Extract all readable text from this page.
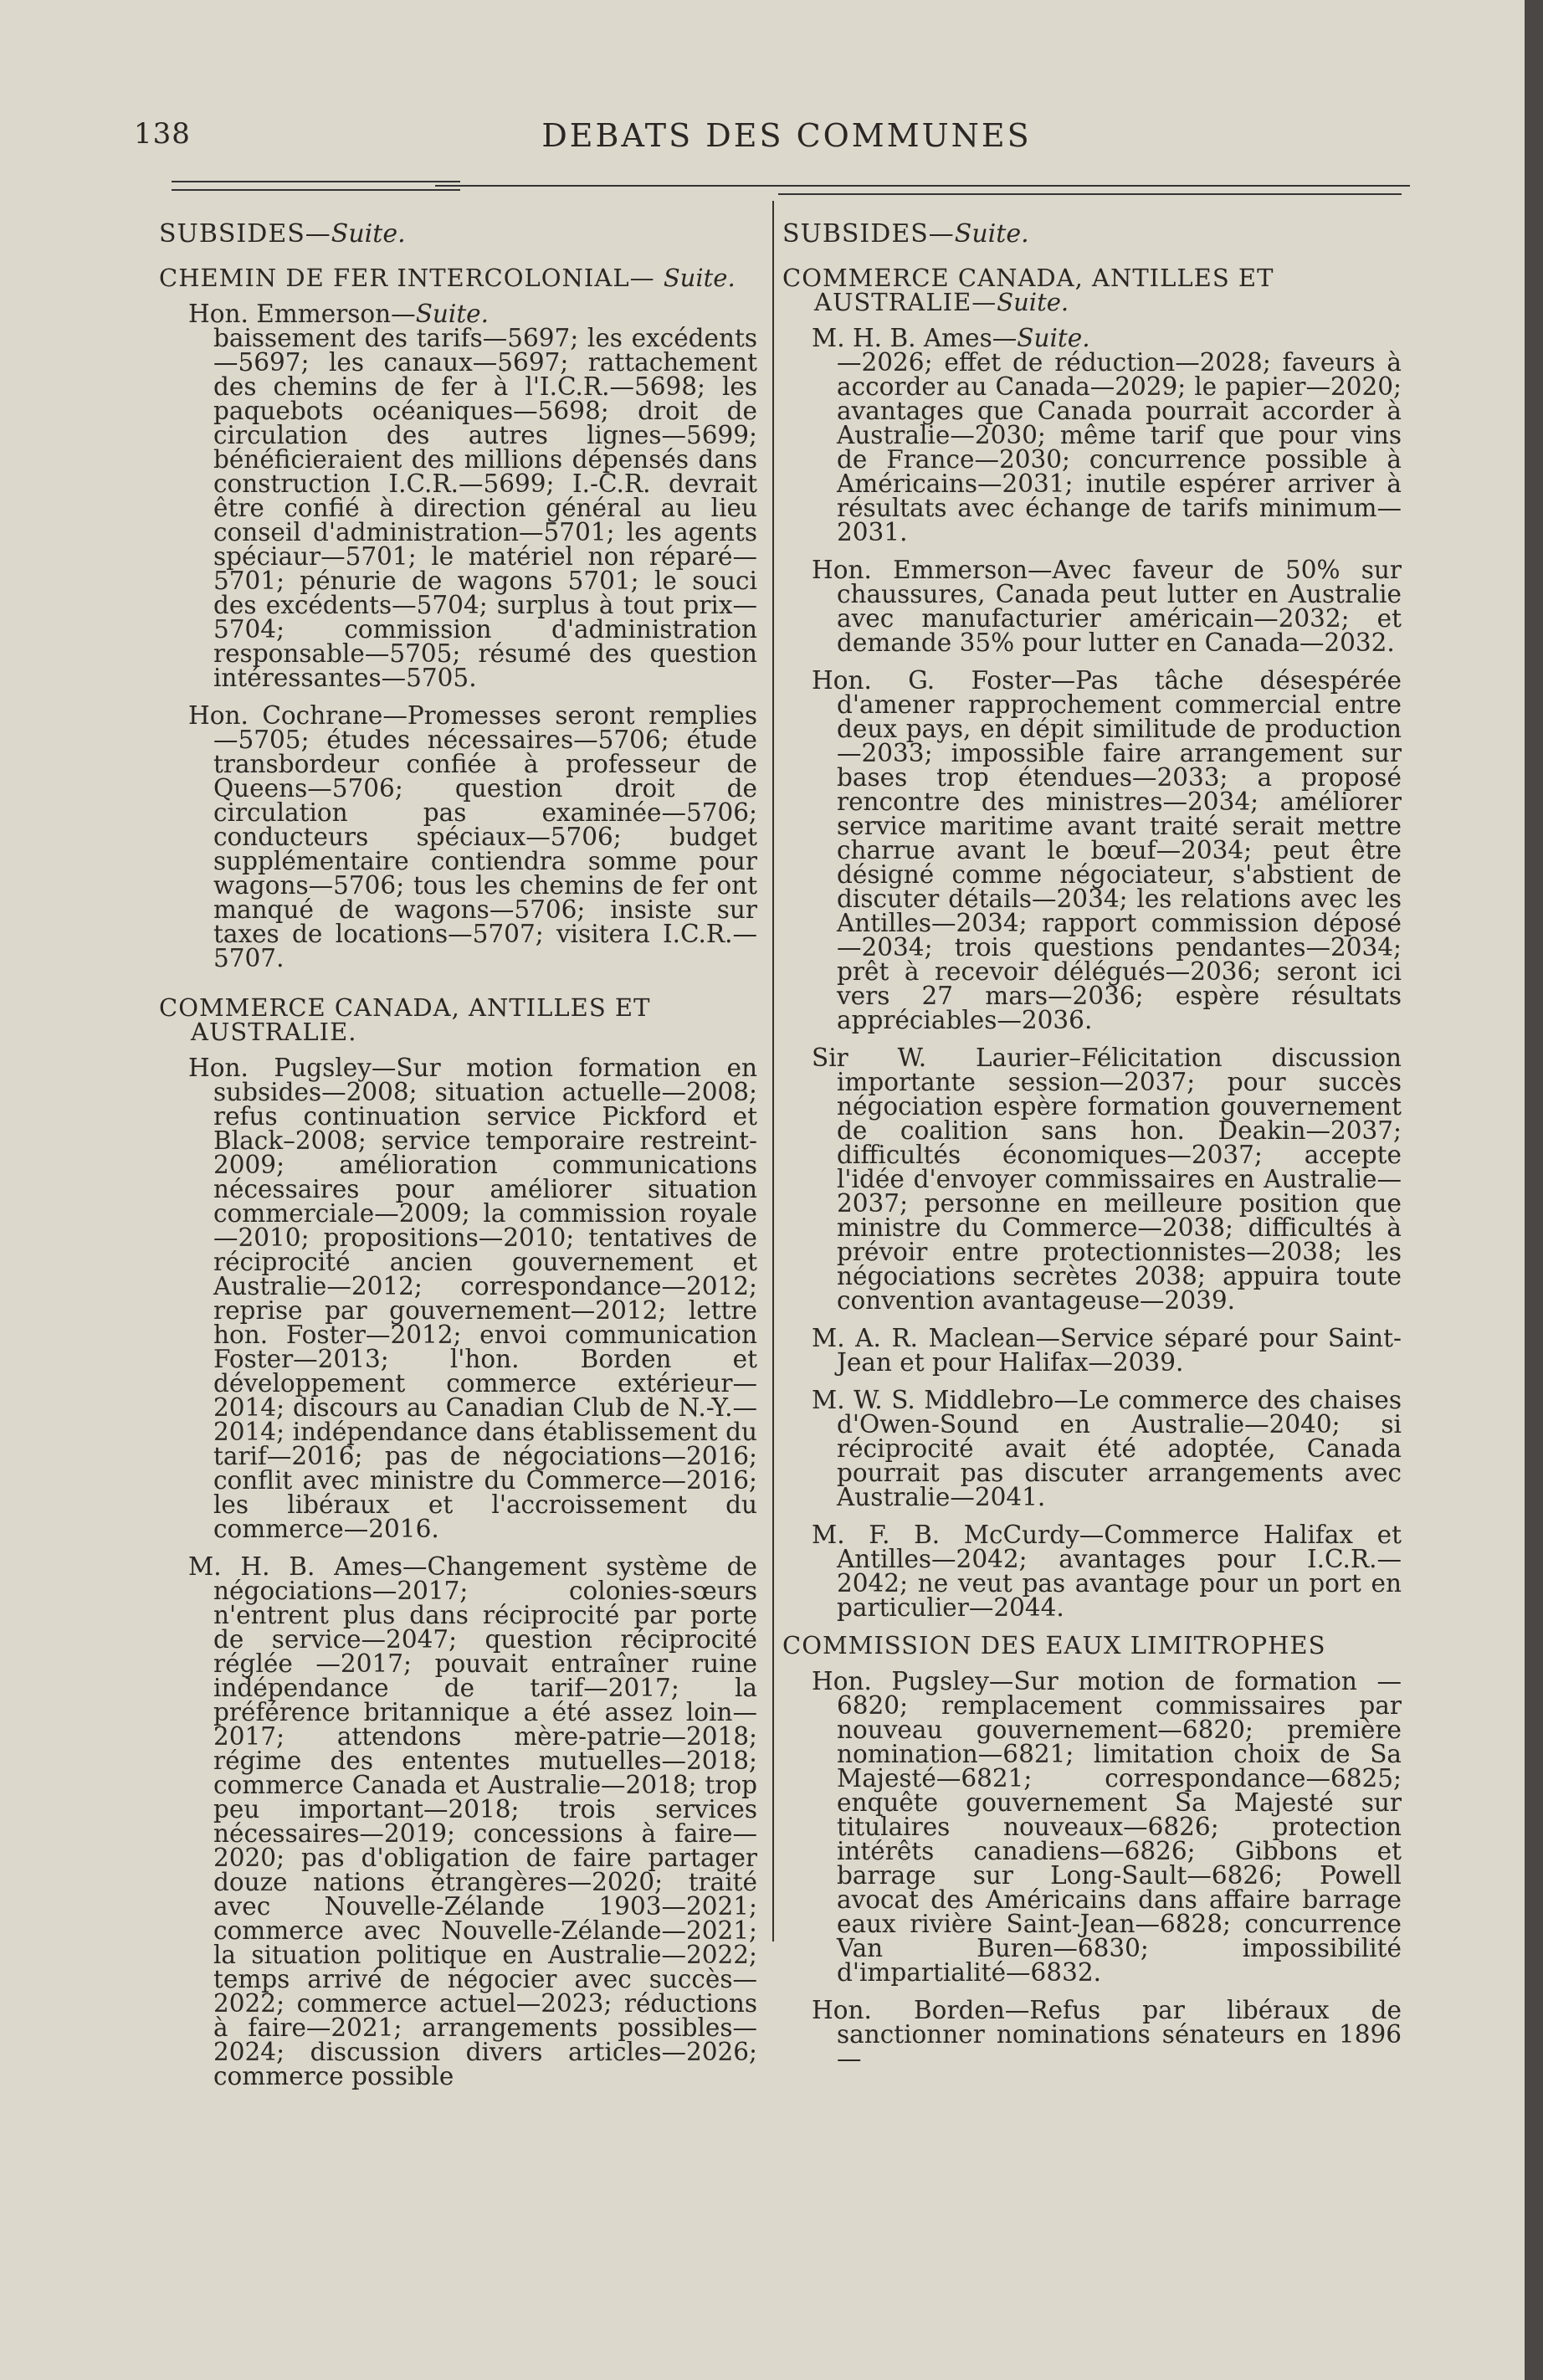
138	DEBATS DES COMMUNES
SUBSIDES—Suite.
CHEMIN DE FER INTERCOLONIAL— Suite.
Hon. Emmerson—Suite.
baissement des tarifs—5697; les excédents—5697; les canaux—5697; rattachement des chemins de fer à l'I.C.R.—5698; les paquebots océaniques—5698; droit de circulation des autres lignes—5699; bénéficieraient des millions dépensés dans construction I.C.R.—5699; I.-C.R. devrait être confié à direction général au lieu conseil d'administration—5701; les agents spéciaur—5701; le matériel non réparé—5701; pénurie de wagons 5701; le souci des excédents—5704; surplus à tout prix—5704; commission d'administration responsable—5705; résumé des question intéressantes—5705.
Hon. Cochrane—Promesses seront remplies—5705; études nécessaires—5706; étude transbordeur confiée à professeur de Queens—5706; question droit de circulation pas examinée—5706; conducteurs spéciaux—5706; budget supplémentaire contiendra somme pour wagons—5706; tous les chemins de fer ont manqué de wagons—5706; insiste sur taxes de locations—5707; visitera I.C.R.—5707.
COMMERCE CANADA, ANTILLES ET AUSTRALIE.
Hon. Pugsley—Sur motion formation en subsides—2008; situation actuelle—2008; refus continuation service Pickford et Black–2008; service temporaire restreint-2009; amélioration communications nécessaires pour améliorer situation commerciale—2009; la commission royale—2010; propositions—2010; tentatives de réciprocité ancien gouvernement et Australie—2012; correspondance—2012; reprise par gouvernement—2012; lettre hon. Foster—2012; envoi communication Foster—2013; l'hon. Borden et développement commerce extérieur—2014; discours au Canadian Club de N.-Y.—2014; indépendance dans établissement du tarif—2016; pas de négociations—2016; conflit avec ministre du Commerce—2016; les libéraux et l'accroissement du commerce—2016.
M. H. B. Ames—Changement système de négociations—2017; colonies-sœurs n'entrent plus dans réciprocité par porte de service—2047; question réciprocité réglée —2017; pouvait entraîner ruine indépendance de tarif—2017; la préférence britannique a été assez loin—2017; attendons mère-patrie—2018; régime des ententes mutuelles—2018; commerce Canada et Australie—2018; trop peu important—2018; trois services nécessaires—2019; concessions à faire—2020; pas d'obligation de faire partager douze nations étrangères—2020; traité avec Nouvelle-Zélande 1903—2021; commerce avec Nouvelle-Zélande—2021; la situation politique en Australie—2022; temps arrivé de négocier avec succès—2022; commerce actuel—2023; réductions à faire—2021; arrangements possibles—2024; discussion divers articles—2026; commerce possible
SUBSIDES—Suite.
COMMERCE CANADA, ANTILLES ET AUSTRALIE—Suite.
M. H. B. Ames—Suite.
—2026; effet de réduction—2028; faveurs à accorder au Canada—2029; le papier—2020; avantages que Canada pourrait accorder à Australie—2030; même tarif que pour vins de France—2030; concurrence possible à Américains—2031; inutile espérer arriver à résultats avec échange de tarifs minimum—2031.
Hon. Emmerson—Avec faveur de 50% sur chaussures, Canada peut lutter en Australie avec manufacturier américain—2032; et demande 35% pour lutter en Canada—2032.
Hon. G. Foster—Pas tâche désespérée d'amener rapprochement commercial entre deux pays, en dépit similitude de production—2033; impossible faire arrangement sur bases trop étendues—2033; a proposé rencontre des ministres—2034; améliorer service maritime avant traité serait mettre charrue avant le bœuf—2034; peut être désigné comme négociateur, s'abstient de discuter détails—2034; les relations avec les Antilles—2034; rapport commission déposé—2034; trois questions pendantes—2034; prêt à recevoir délégués—2036; seront ici vers 27 mars—2036; espère résultats appréciables—2036.
Sir W. Laurier–Félicitation discussion importante session—2037; pour succès négociation espère formation gouvernement de coalition sans hon. Deakin—2037; difficultés économiques—2037; accepte l'idée d'envoyer commissaires en Australie—2037; personne en meilleure position que ministre du Commerce—2038; difficultés à prévoir entre protectionnistes—2038; les négociations secrètes 2038; appuira toute convention avantageuse—2039.
M. A. R. Maclean—Service séparé pour Saint-Jean et pour Halifax—2039.
M. W. S. Middlebro—Le commerce des chaises d'Owen-Sound en Australie—2040; si réciprocité avait été adoptée, Canada pourrait pas discuter arrangements avec Australie—2041.
M. F. B. McCurdy—Commerce Halifax et Antilles—2042; avantages pour I.C.R.—2042; ne veut pas avantage pour un port en particulier—2044.
COMMISSION DES EAUX LIMITROPHES
Hon. Pugsley—Sur motion de formation —6820; remplacement commissaires par nouveau gouvernement—6820; première nomination—6821; limitation choix de Sa Majesté—6821; correspondance—6825; enquête gouvernement Sa Majesté sur titulaires nouveaux—6826; protection intérêts canadiens—6826; Gibbons et barrage sur Long-Sault—6826; Powell avocat des Américains dans affaire barrage eaux rivière Saint-Jean—6828; concurrence Van Buren—6830; impossibilité d'impartialité—6832.
Hon. Borden—Refus par libéraux de sanctionner nominations sénateurs en 1896—
